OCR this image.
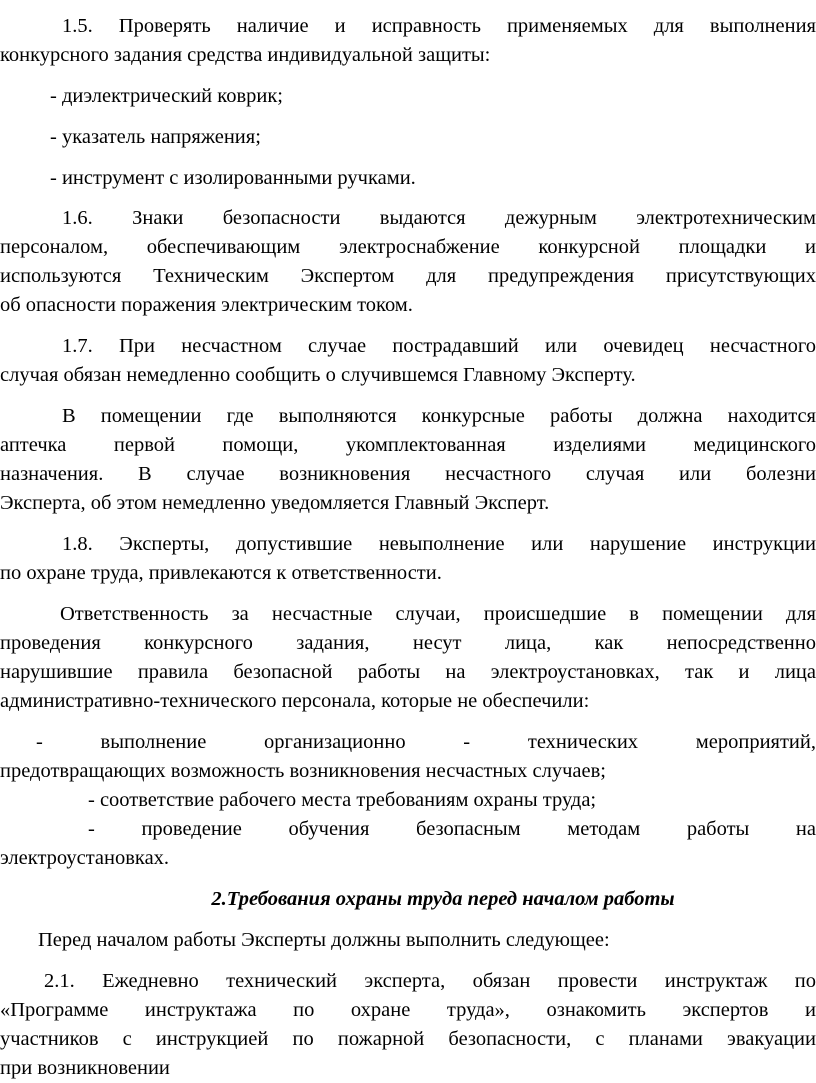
1.5. Проверять наличие и исправность применяемых для выполнения
конкурсного задания средства индивидуальной защиты:
- диэлектрический коврик;
- указатель напряжения;
- инструмент с изолированными ручками.
1.6. Знаки безопасности выдаются дежурным электротехническим
персоналом, обеспечивающим электроснабжение конкурсной площадки и
используются Техническим Экспертом для предупреждения присутствующих
об опасности поражения электрическим током.
1.7. При несчастном случае пострадавший или очевидец несчастного
случая обязан немедленно сообщить о случившемся Главному Эксперту.
В помещении где выполняются конкурсные работы должна находится
аптечка первой помощи, укомплектованная изделиями медицинского
назначения. В случае возникновения несчастного случая или болезни
Эксперта, об этом немедленно уведомляется Главный Эксперт.
1.8. Эксперты, допустившие невыполнение или нарушение инструкции
по охране труда, привлекаются к ответственности.
Ответственность за несчастные случаи, происшедшие в помещении для
проведения конкурсного задания, несут лица, как непосредственно
нарушившие правила безопасной работы на электроустановках, так и лица
административно-технического персонала, которые не обеспечили:
- выполнение организационно - технических мероприятий,
предотвращающих возможность возникновения несчастных случаев;
- соответствие рабочего места требованиям охраны труда;
- проведение обучения безопасным методам работы на
электроустановках.
2.Требования охраны труда перед началом работы
Перед началом работы Эксперты должны выполнить следующее:
2.1. Ежедневно технический эксперта, обязан провести инструктаж по
«Программе инструктажа по охране труда», ознакомить экспертов и
участников с инструкцией по пожарной безопасности, с планами эвакуации
при возникновении
